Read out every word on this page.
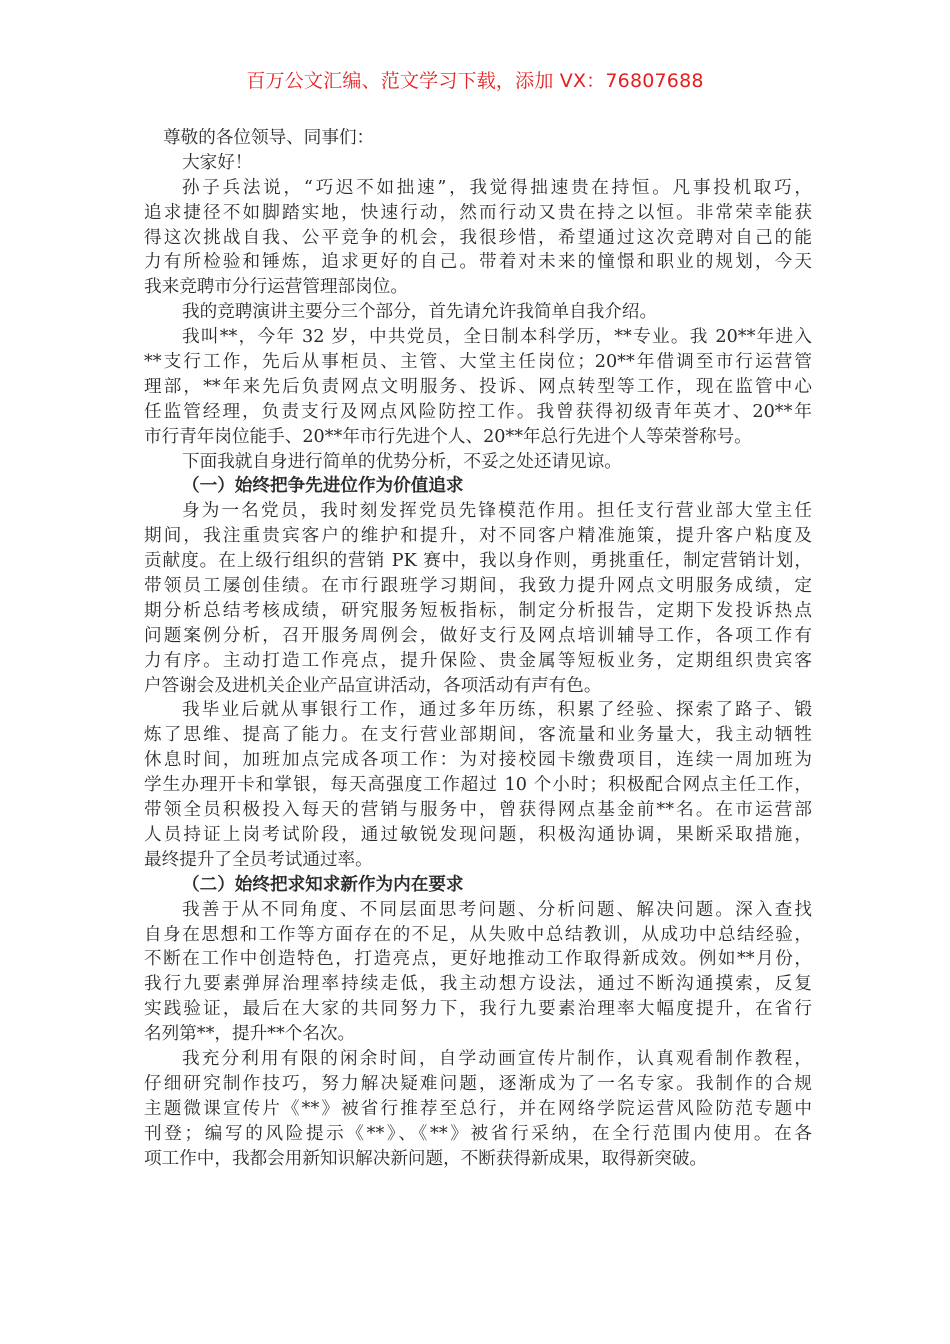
百万公文汇编、范文学习下载，添加 VX：76807688
尊敬的各位领导、同事们：
大家好！
孙子兵法说，“巧迟不如拙速”，我觉得拙速贵在持恒。凡事投机取巧，
追求捷径不如脚踏实地，快速行动，然而行动又贵在持之以恒。非常荣幸能获
得这次挑战自我、公平竞争的机会，我很珍惜，希望通过这次竞聘对自己的能
力有所检验和锤炼，追求更好的自己。带着对未来的憧憬和职业的规划，今天
我来竞聘市分行运营管理部岗位。
我的竞聘演讲主要分三个部分，首先请允许我简单自我介绍。
我叫**，今年 32 岁，中共党员，全日制本科学历，**专业。我 20**年进入
**支行工作，先后从事柜员、主管、大堂主任岗位；20**年借调至市行运营管
理部，**年来先后负责网点文明服务、投诉、网点转型等工作，现在监管中心
任监管经理，负责支行及网点风险防控工作。我曾获得初级青年英才、20**年
市行青年岗位能手、20**年市行先进个人、20**年总行先进个人等荣誉称号。
下面我就自身进行简单的优势分析，不妥之处还请见谅。
（一）始终把争先进位作为价值追求
身为一名党员，我时刻发挥党员先锋模范作用。担任支行营业部大堂主任
期间，我注重贵宾客户的维护和提升，对不同客户精准施策，提升客户粘度及
贡献度。在上级行组织的营销 PK 赛中，我以身作则，勇挑重任，制定营销计划，
带领员工屡创佳绩。在市行跟班学习期间，我致力提升网点文明服务成绩，定
期分析总结考核成绩，研究服务短板指标，制定分析报告，定期下发投诉热点
问题案例分析，召开服务周例会，做好支行及网点培训辅导工作，各项工作有
力有序。主动打造工作亮点，提升保险、贵金属等短板业务，定期组织贵宾客
户答谢会及进机关企业产品宣讲活动，各项活动有声有色。
我毕业后就从事银行工作，通过多年历练，积累了经验、探索了路子、锻
炼了思维、提高了能力。在支行营业部期间，客流量和业务量大，我主动牺牲
休息时间，加班加点完成各项工作：为对接校园卡缴费项目，连续一周加班为
学生办理开卡和掌银，每天高强度工作超过 10 个小时；积极配合网点主任工作，
带领全员积极投入每天的营销与服务中，曾获得网点基金前**名。在市运营部
人员持证上岗考试阶段，通过敏锐发现问题，积极沟通协调，果断采取措施，
最终提升了全员考试通过率。
（二）始终把求知求新作为内在要求
我善于从不同角度、不同层面思考问题、分析问题、解决问题。深入查找
自身在思想和工作等方面存在的不足，从失败中总结教训，从成功中总结经验，
不断在工作中创造特色，打造亮点，更好地推动工作取得新成效。例如**月份，
我行九要素弹屏治理率持续走低，我主动想方设法，通过不断沟通摸索，反复
实践验证，最后在大家的共同努力下，我行九要素治理率大幅度提升，在省行
名列第**，提升**个名次。
我充分利用有限的闲余时间，自学动画宣传片制作，认真观看制作教程，
仔细研究制作技巧，努力解决疑难问题，逐渐成为了一名专家。我制作的合规
主题微课宣传片《**》被省行推荐至总行，并在网络学院运营风险防范专题中
刊登；编写的风险提示《**》、《**》被省行采纳，在全行范围内使用。在各
项工作中，我都会用新知识解决新问题，不断获得新成果，取得新突破。
